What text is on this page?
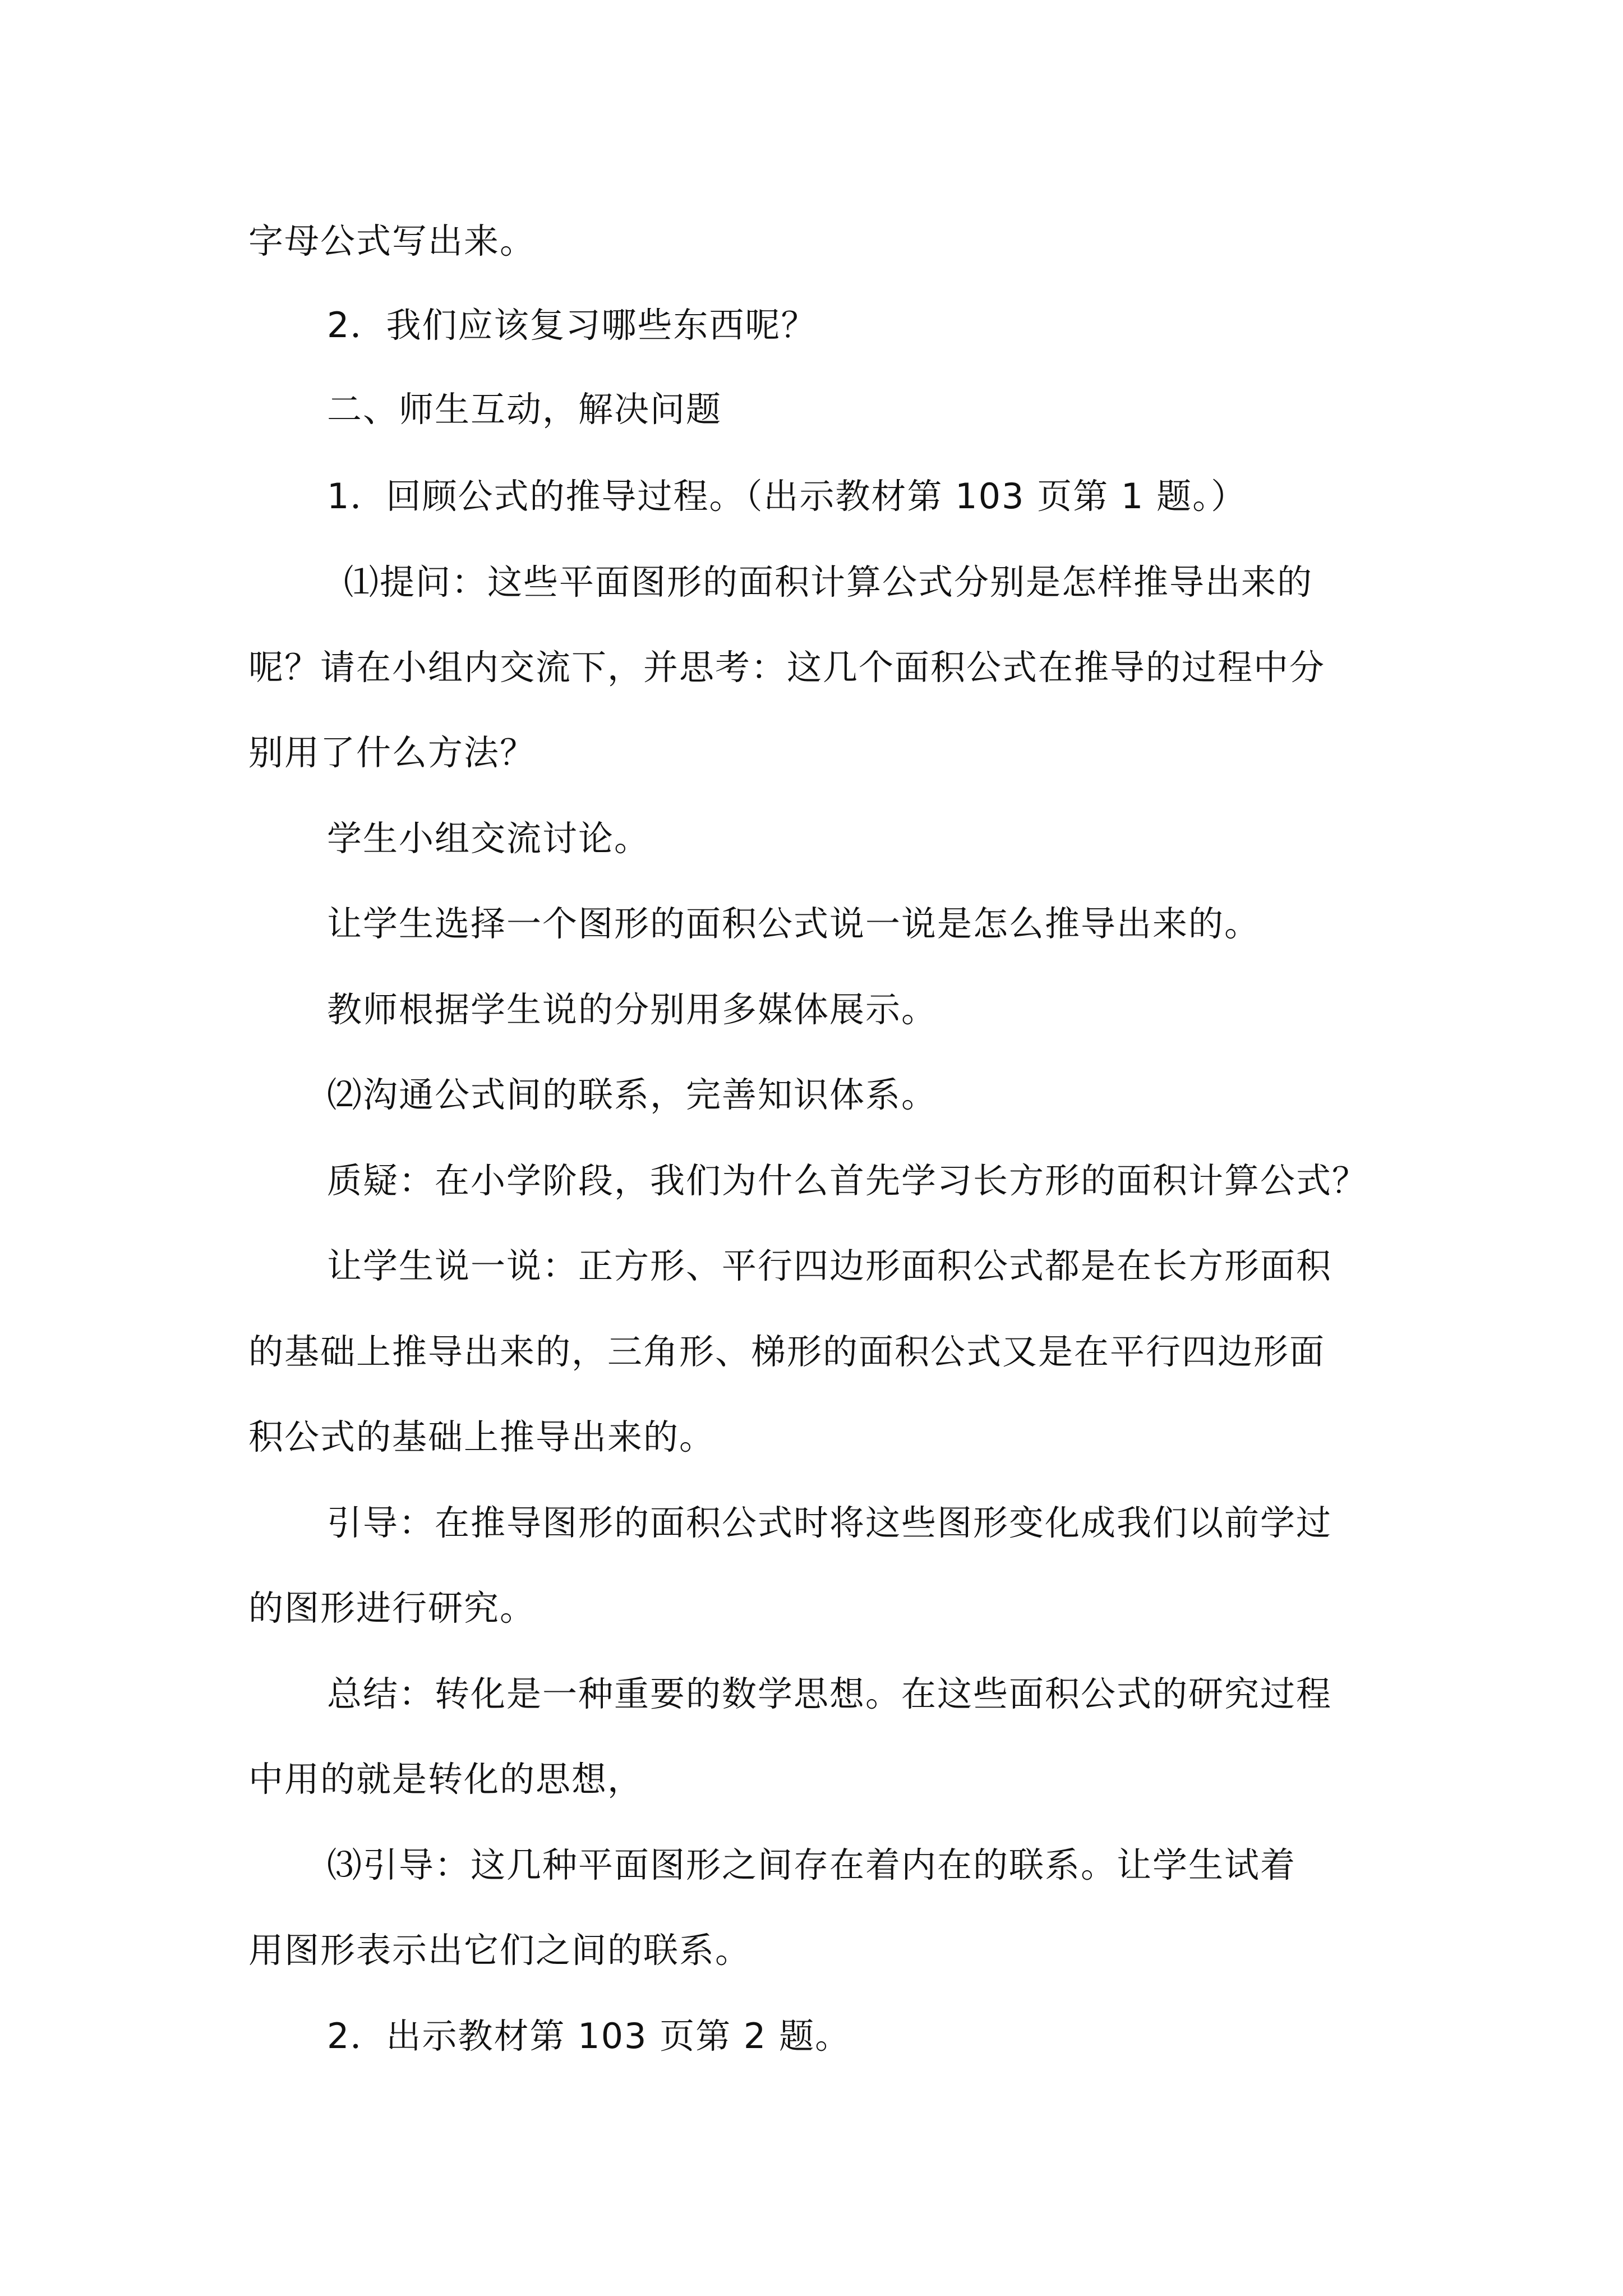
字母公式写出来。
2．我们应该复习哪些东西呢？
二、师生互动，解决问题
1．回顾公式的推导过程。（出示教材第 103 页第 1 题。）
⑴提问：这些平面图形的面积计算公式分别是怎样推导出来的
呢？请在小组内交流下，并思考：这几个面积公式在推导的过程中分
别用了什么方法？
学生小组交流讨论。
让学生选择一个图形的面积公式说一说是怎么推导出来的。
教师根据学生说的分别用多媒体展示。
⑵沟通公式间的联系，完善知识体系。
质疑：在小学阶段，我们为什么首先学习长方形的面积计算公式？
让学生说一说：正方形、平行四边形面积公式都是在长方形面积
的基础上推导出来的，三角形、梯形的面积公式又是在平行四边形面
积公式的基础上推导出来的。
引导：在推导图形的面积公式时将这些图形变化成我们以前学过
的图形进行研究。
总结：转化是一种重要的数学思想。在这些面积公式的研究过程
中用的就是转化的思想，
⑶引导：这几种平面图形之间存在着内在的联系。让学生试着
用图形表示出它们之间的联系。
2．出示教材第 103 页第 2 题。
